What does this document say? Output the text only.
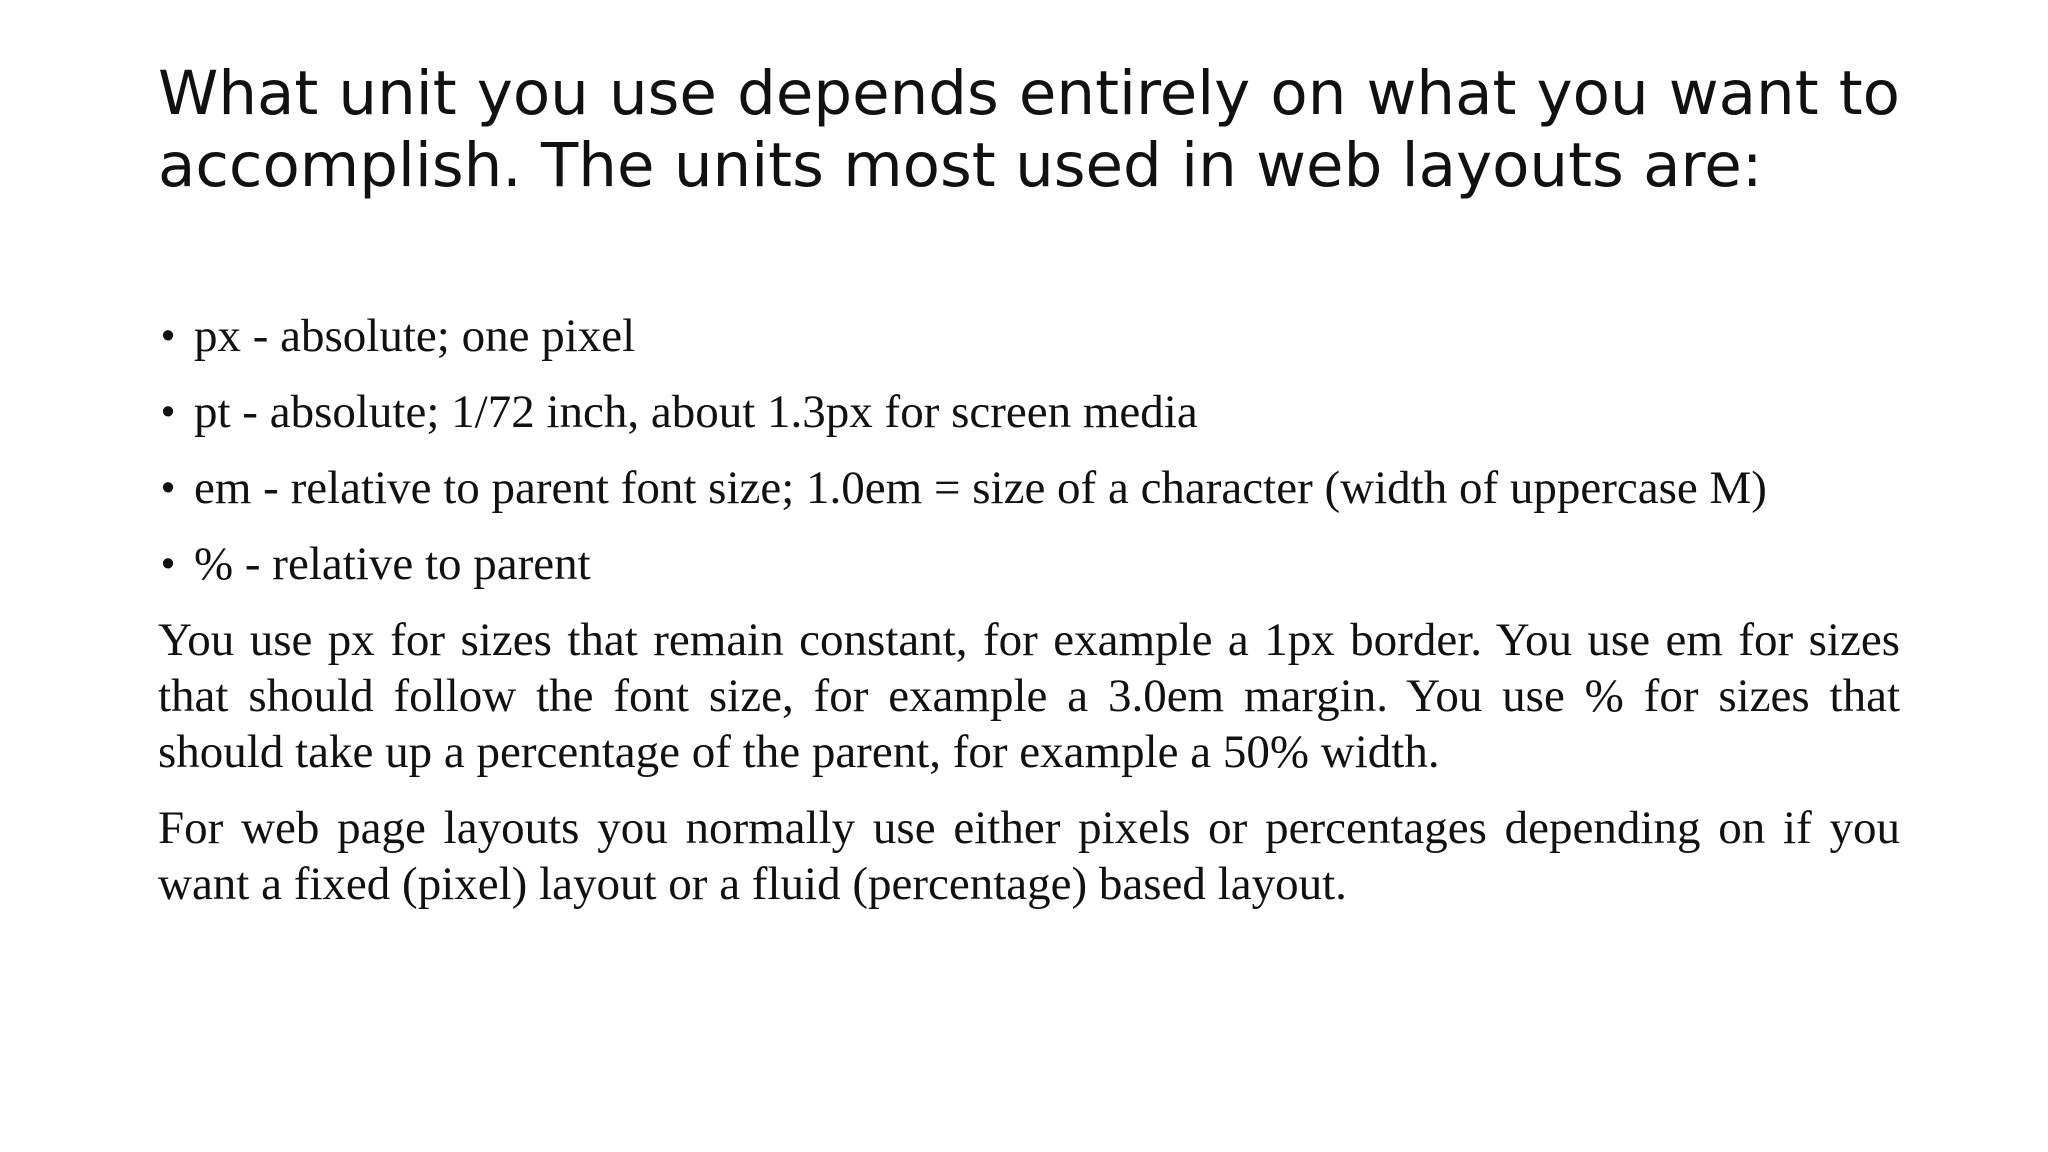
What unit you use depends entirely on what you want to accomplish. The units most used in web layouts are:
• px - absolute; one pixel
• pt - absolute; 1/72 inch, about 1.3px for screen media
• em - relative to parent font size; 1.0em = size of a character (width of uppercase M)
• % - relative to parent

You use px for sizes that remain constant, for example a 1px border. You use em for sizes that should follow the font size, for example a 3.0em margin. You use % for sizes that should take up a percentage of the parent, for example a 50% width.

For web page layouts you normally use either pixels or percentages depending on if you want a fixed (pixel) layout or a fluid (percentage) based layout.
